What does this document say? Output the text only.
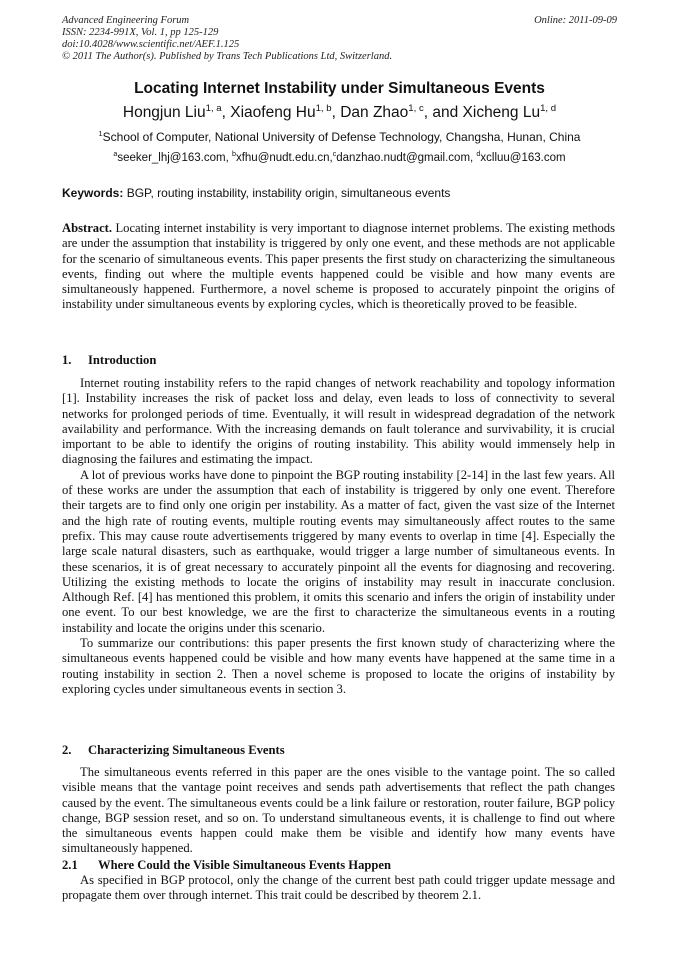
Advanced Engineering Forum
ISSN: 2234-991X, Vol. 1, pp 125-129
doi:10.4028/www.scientific.net/AEF.1.125
© 2011 The Author(s). Published by Trans Tech Publications Ltd, Switzerland.
Online: 2011-09-09
Locating Internet Instability under Simultaneous Events
Hongjun Liu$^{1, a}$, Xiaofeng Hu$^{1, b}$, Dan Zhao$^{1, c}$, and Xicheng Lu$^{1, d}$
$^1$School of Computer, National University of Defense Technology, Changsha, Hunan, China
$^a$seeker_lhj@163.com, $^b$xfhu@nudt.edu.cn,$^c$danzhao.nudt@gmail.com, $^d$xclluu@163.com
Keywords: BGP, routing instability, instability origin, simultaneous events

Abstract. Locating internet instability is very important to diagnose internet problems. The existing methods are under the assumption that instability is triggered by only one event, and these methods are not applicable for the scenario of simultaneous events. This paper presents the first study on characterizing the simultaneous events, finding out where the multiple events happened could be visible and how many events are simultaneously happened. Furthermore, a novel scheme is proposed to accurately pinpoint the origins of instability under simultaneous events by exploring cycles, which is theoretically proved to be feasible.

1. Introduction

Internet routing instability refers to the rapid changes of network reachability and topology information [1]. Instability increases the risk of packet loss and delay, even leads to loss of connectivity to several networks for prolonged periods of time. Eventually, it will result in widespread degradation of the network availability and performance. With the increasing demands on fault tolerance and survivability, it is crucial important to be able to identify the origins of routing instability. This ability would immensely help in diagnosing the failures and estimating the impact.

A lot of previous works have done to pinpoint the BGP routing instability [2-14] in the last few years. All of these works are under the assumption that each of instability is triggered by only one event. Therefore their targets are to find only one origin per instability. As a matter of fact, given the vast size of the Internet and the high rate of routing events, multiple routing events may simultaneously affect routes to the same prefix. This may cause route advertisements triggered by many events to overlap in time [4]. Especially the large scale natural disasters, such as earthquake, would trigger a large number of simultaneous events. In these scenarios, it is of great necessary to accurately pinpoint all the events for diagnosing and recovering. Utilizing the existing methods to locate the origins of instability may result in inaccurate conclusion. Although Ref. [4] has mentioned this problem, it omits this scenario and infers the origin of instability under one event. To our best knowledge, we are the first to characterize the simultaneous events in a routing instability and locate the origins under this scenario.

To summarize our contributions: this paper presents the first known study of characterizing where the simultaneous events happened could be visible and how many events have happened at the same time in a routing instability in section 2. Then a novel scheme is proposed to locate the origins of instability by exploring cycles under simultaneous events in section 3.

2. Characterizing Simultaneous Events

The simultaneous events referred in this paper are the ones visible to the vantage point. The so called visible means that the vantage point receives and sends path advertisements that reflect the path changes caused by the event. The simultaneous events could be a link failure or restoration, router failure, BGP policy change, BGP session reset, and so on. To understand simultaneous events, it is challenge to find out where the simultaneous events happen could make them be visible and identify how many events have simultaneously happened.

2.1 Where Could the Visible Simultaneous Events Happen

As specified in BGP protocol, only the change of the current best path could trigger update message and propagate them over through internet. This trait could be described by theorem 2.1.
